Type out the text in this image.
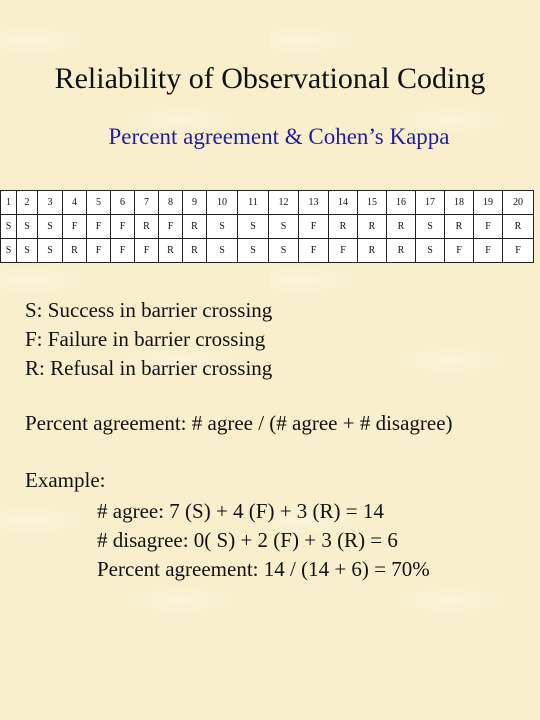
Reliability of Observational Coding
Percent agreement & Cohen’s Kappa
1	2	3	4	5	6	7	8	9	10	11	12	13	14	15	16	17	18	19	20
S	S	S	F	F	F	R	F	R	S	S	S	F	R	R	R	S	R	F	R
S	S	S	R	F	F	F	R	R	S	S	S	F	F	R	R	S	F	F	F
S: Success in barrier crossing
F: Failure in barrier crossing
R: Refusal in barrier crossing
Percent agreement: # agree / (# agree + # disagree)
Example:
# agree: 7 (S) + 4 (F) + 3 (R) = 14
# disagree: 0( S) + 2 (F) + 3 (R) = 6
Percent agreement: 14 / (14 + 6) = 70%
